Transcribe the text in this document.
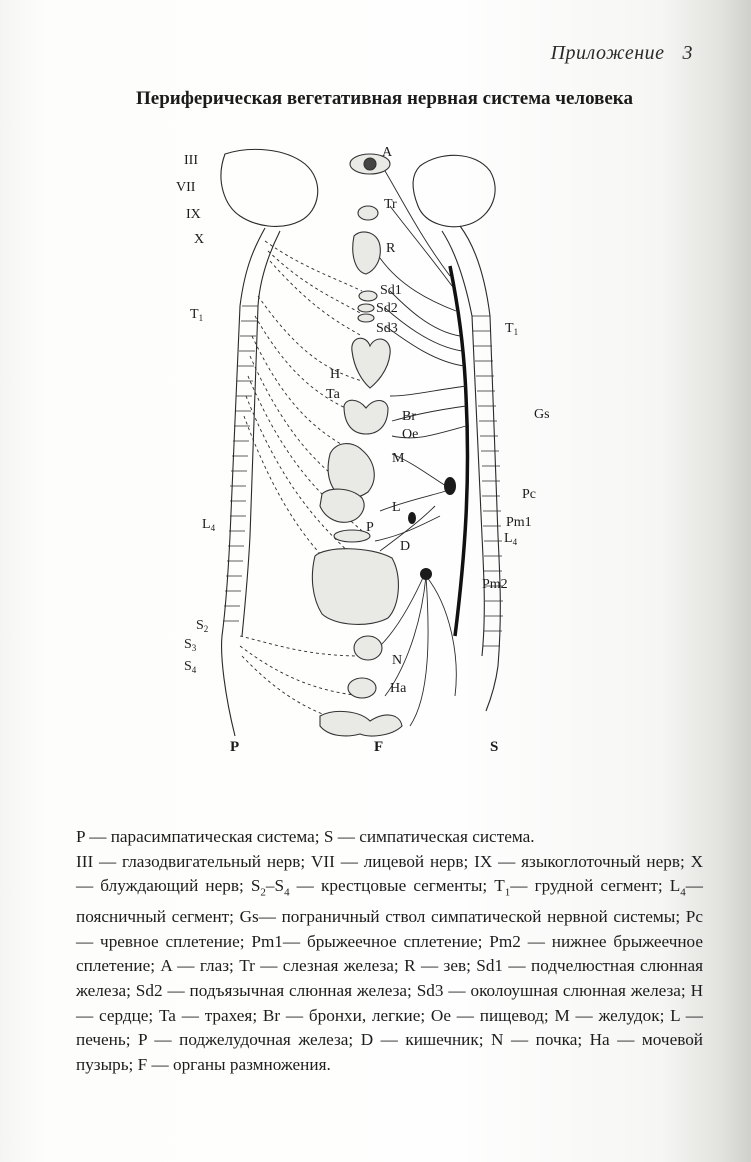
Приложение 3
Периферическая вегетативная нервная система человека
A
Tr
R
Sd1
Sd2
Sd3
H
Ta
Br
Oe
M
L
P
D
N
Ha
III
VII
IX
X
$T_1$
$L_4$
$S_2$
$S_3$
$S_4$
$T_1$
Gs
Pc
Pm1
$L_4$
Pm2
P	F	S
P — парасимпатическая система; S — симпатическая система.
III — глазодвигательный нерв; VII — лицевой нерв; IX — языкоглоточный нерв; X — блуждающий нерв; $S_2-S_4$ — крестцовые сегменты; $T_1—$ грудной сегмент; $L_4—$ поясничный сегмент; Gs— пограничный ствол симпатической нервной системы; Pc — чревное сплетение; Pm1— брыжеечное сплетение; Pm2 — нижнее брыжеечное сплетение; A — глаз; Tr — слезная железа; R — зев; Sd1 — подчелюстная слюнная железа; Sd2 — подъязычная слюнная железа; Sd3 — околоушная слюнная железа; H — сердце; Ta — трахея; Br — бронхи, легкие; Oe — пищевод; M — желудок; L — печень; P — поджелудочная железа; D — кишечник; N — почка; Ha — мочевой пузырь; F — органы размножения.
